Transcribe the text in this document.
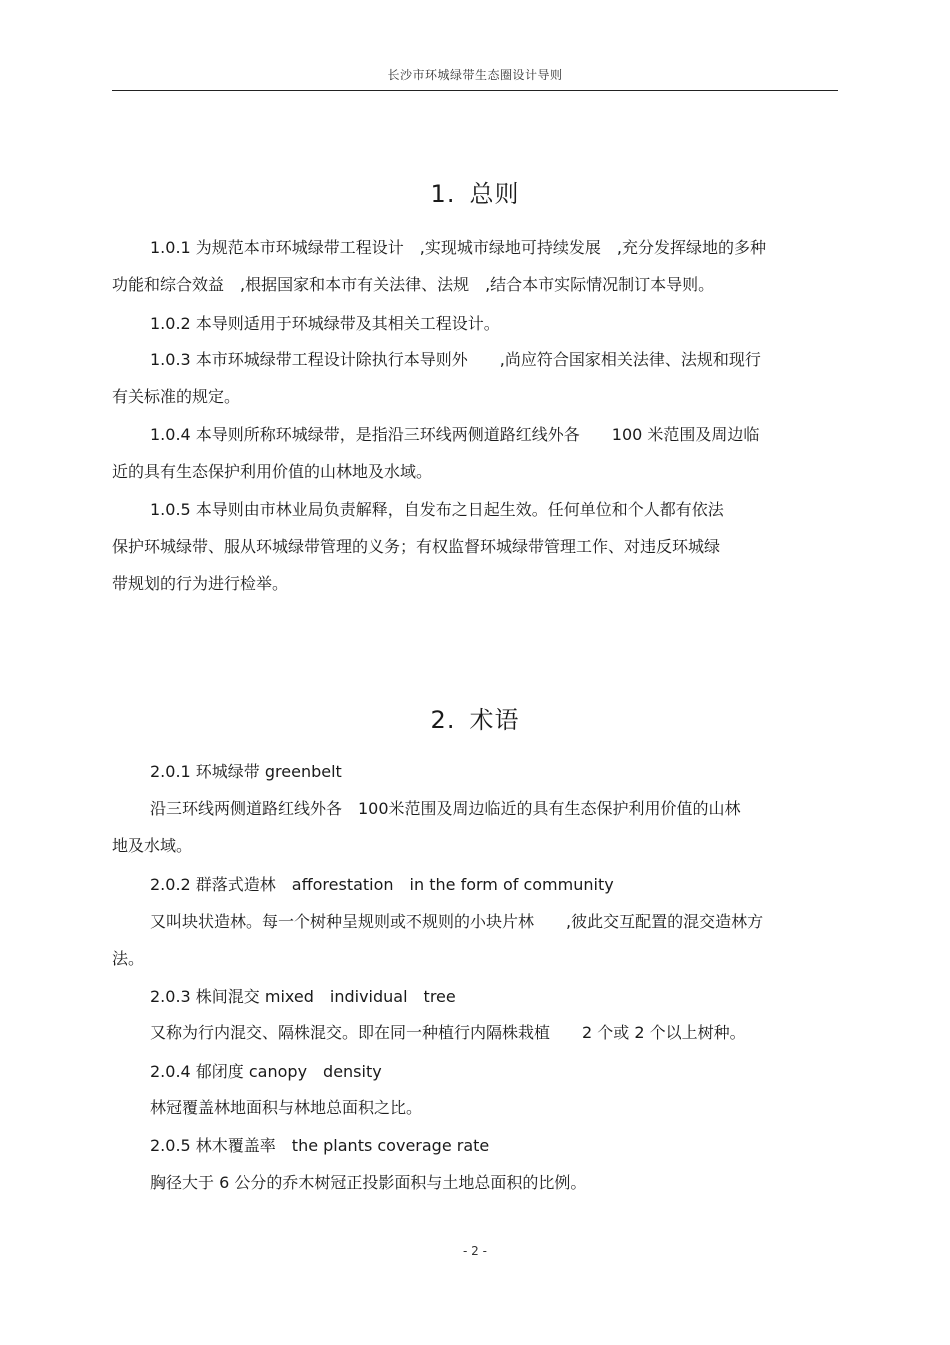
长沙市环城绿带生态圈设计导则
1. 总则
1.0.1 为规范本市环城绿带工程设计　,实现城市绿地可持续发展　,充分发挥绿地的多种
功能和综合效益　,根据国家和本市有关法律、法规　,结合本市实际情况制订本导则。
1.0.2 本导则适用于环城绿带及其相关工程设计。
1.0.3 本市环城绿带工程设计除执行本导则外　　,尚应符合国家相关法律、法规和现行
有关标准的规定。
1.0.4 本导则所称环城绿带，是指沿三环线两侧道路红线外各　　100 米范围及周边临
近的具有生态保护利用价值的山林地及水域。
1.0.5 本导则由市林业局负责解释，自发布之日起生效。任何单位和个人都有依法
保护环城绿带、服从环城绿带管理的义务；有权监督环城绿带管理工作、对违反环城绿
带规划的行为进行检举。
2. 术语
2.0.1 环城绿带 greenbelt
沿三环线两侧道路红线外各　100米范围及周边临近的具有生态保护利用价值的山林
地及水域。
2.0.2 群落式造林　afforestation　in the form of community
又叫块状造林。每一个树种呈规则或不规则的小块片林　　,彼此交互配置的混交造林方
法。
2.0.3 株间混交 mixed　individual　tree
又称为行内混交、隔株混交。即在同一种植行内隔株栽植　　2 个或 2 个以上树种。
2.0.4 郁闭度 canopy　density
林冠覆盖林地面积与林地总面积之比。
2.0.5 林木覆盖率　the plants coverage rate
胸径大于 6 公分的乔木树冠正投影面积与土地总面积的比例。
- 2 -
